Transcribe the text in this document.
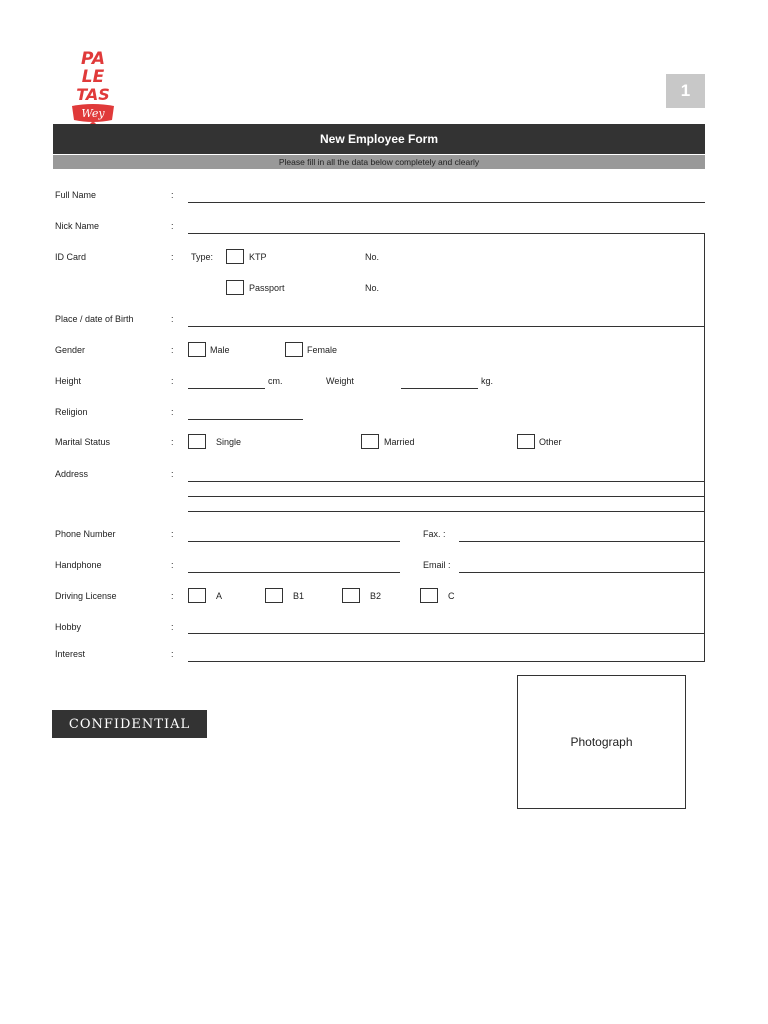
PA
LE
TAS
Wey
1
New Employee Form
Please fill in all the data below completely and clearly
Full Name	:
Nick Name	:
ID Card	: Type:	KTP	No.
Passport	No.
Place / date of Birth	:
Gender	:	Male	Female
Height	:	cm.	Weight	kg.
Religion	:
Marital Status	:	Single	Married	Other
Address	:
Phone Number	:	Fax. :
Handphone	:	Email :
Driving License	:	A	B1	B2	C
Hobby	:
Interest	:
CONFIDENTIAL
Photograph
